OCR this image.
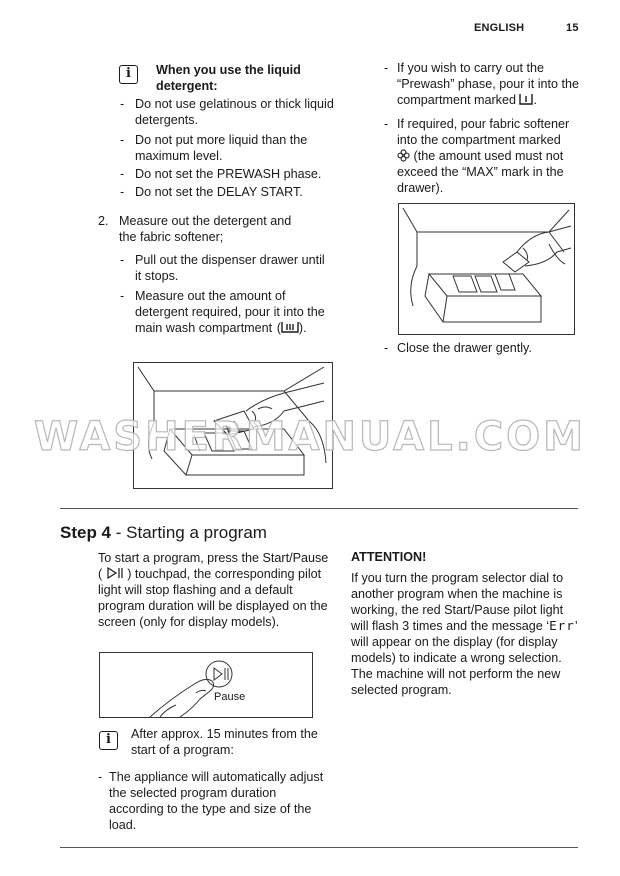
ENGLISH	15
i	When you use the liquid detergent:
- Do not use gelatinous or thick liquid detergents.
- Do not put more liquid than the maximum level.
- Do not set the PREWASH phase.
- Do not set the DELAY START.
2. Measure out the detergent and the fabric softener;
- Pull out the dispenser drawer until it stops.
- Measure out the amount of detergent required, pour it into the main wash compartment ( ).
- If you wish to carry out the “Prewash” phase, pour it into the compartment marked .
- If required, pour fabric softener into the compartment marked
(the amount used must not exceed the “MAX” mark in the drawer).
- Close the drawer gently.
WASHERMANUAL.COM
Step 4 - Starting a program
To start a program, press the Start/Pause ( ) touchpad, the corresponding pilot light will stop flashing and a default program duration will be displayed on the screen (only for display models).
Pause
i	After approx. 15 minutes from the start of a program:
- The appliance will automatically adjust the selected program duration according to the type and size of the load.
ATTENTION!
If you turn the program selector dial to another program when the machine is working, the red Start/Pause pilot light will flash 3 times and the message ‘Err’ will appear on the display (for display models) to indicate a wrong selection. The machine will not perform the new selected program.
